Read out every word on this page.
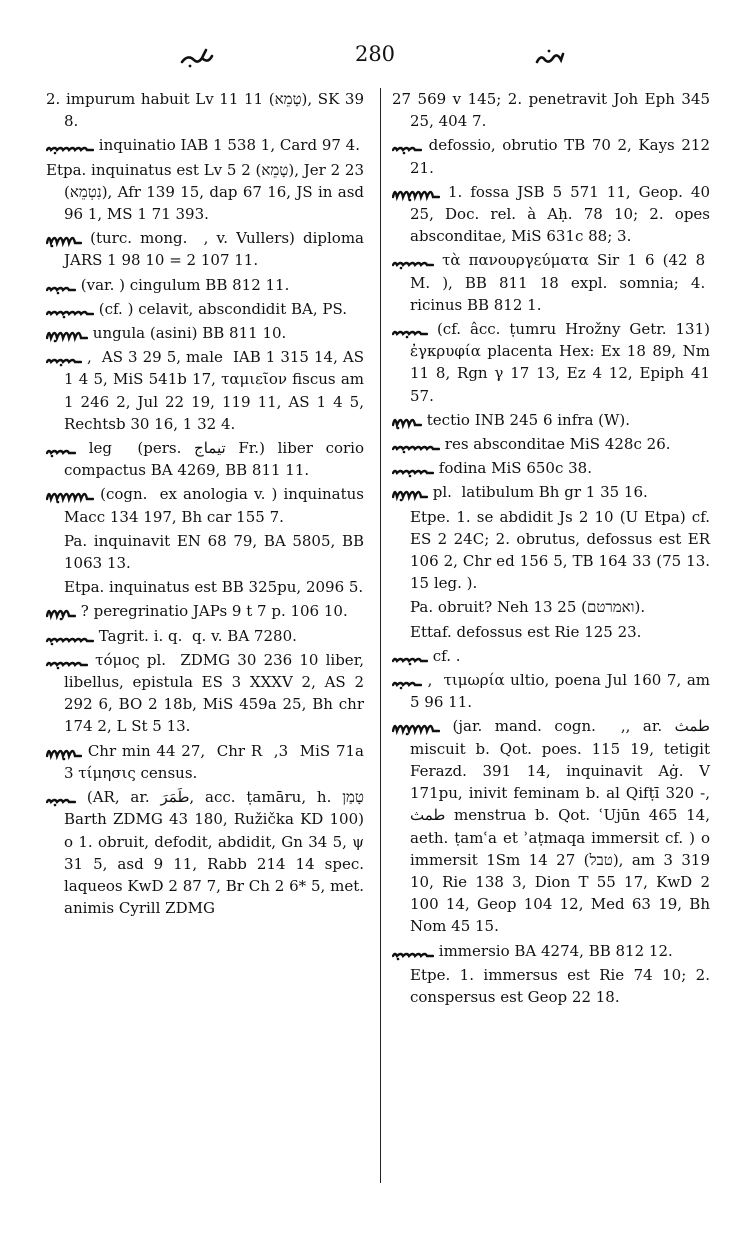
280

2. impurum habuit Lv 11 11 (טָמֵא), SK 39 8.

inquinatio IAB 1 538 1, Card 97 4.

Etpa. inquinatus est Lv 5 2 (טָמֵא), Jer 2 23 (נִטְמֵא), Afr 139 15, dap 67 16, JS in asd 96 1, MS 1 71 393.

(turc. mong. ‏, ‏ v. Vullers) diploma JARS 1 98 10 = 2 107 11.

(var. ‏) cingulum BB 812 11.

(cf. ‏) celavit, abscondidit BA, PS.

ungula (asini) BB 811 10.

, AS 3 29 5, male IAB 1 315 14, AS 1 4 5, MiS 541b 17, ταμιεῖον fiscus am 1 246 2, Jul 22 19, 119 11, AS 1 4 5, Rechtsb 30 16, 1 32 4.

leg (pers. تيماج Fr.) liber corio compactus BA 4269, BB 811 11.

(cogn. ex anologia v. ‏) inquinatus Macc 134 197, Bh car 155 7.

Pa. inquinavit EN 68 79, BA 5805, BB 1063 13.

Etpa. inquinatus est BB 325pu, 2096 5.

? peregrinatio JAPs 9 t 7 p. 106 10.

Tagrit. i. q. q. v. BA 7280.

τόμος pl. ZDMG 30 236 10 liber, libellus, epistula ES 3 XXXV 2, AS 2 292 6, BO 2 18b, MiS 459a 25, Bh chr 174 2, L St 5 13.

Chr min 44 27, Chr R ‏ 3, MiS 71a 3 τίμησις census.

(AR, ar. طَمَرَ, acc. ṭamāru, h. טָמַן Barth ZDMG 43 180, Ružička KD 100) o 1. obruit, defodit, abdidit, Gn 34 5, ψ 31 5, asd 9 11, Rabb 214 14 spec. laqueos KwD 2 87 7, Br Ch 2 6* 5, met. animis Cyrill ZDMG

27 569 v 145; 2. penetravit Joh Eph 345 25, 404 7.

defossio, obrutio TB 70 2, Kays 212 21.

1. fossa JSB 5 571 11, Geop. 40 25, Doc. rel. à Aḥ. 78 10; 2. opes absconditae, MiS 631c 88; 3.

τὰ πανουργεύματα Sir 1 6 (42 8 M. ‏), BB 811 18 expl. somnia; 4. ricinus BB 812 1.

(cf. âcc. ṭumru Hrožny Getr. 131) ἐγκρυφία placenta Hex: Ex 18 89, Nm 11 8, Rgn γ 17 13, Ez 4 12, Epiph 41 57.

tectio INB 245 6 infra (W).

res absconditae MiS 428c 26.

fodina MiS 650c 38.

pl. latibulum Bh gr 1 35 16.

Etpe. 1. se abdidit Js 2 10 (U Etpa) cf. ES 2 24C; 2. obrutus, defossus est ER 106 2, Chr ed 156 5, TB 164 33 (75 13. 15 leg. ‏).

Pa. obruit? Neh 13 25 (ואמרטם).

Ettaf. defossus est Rie 125 23.

cf. ‏.

, τιμωρία ultio, poena Jul 160 7, am 5 96 11.

(jar. mand. cogn. ‏, ‏, ar. طمث miscuit b. Qot. poes. 115 19, tetigit Ferazd. 391 14, inquinavit Aġ. V 171pu, inivit feminam b. al Qifṭī 320 -, طمث menstrua b. Qot. ʿUjūn 465 14, aeth. ṭamʿa et ʾaṭmaqa immersit cf. ‏) o immersit 1Sm 14 27 (טבל), am 3 319 10, Rie 138 3, Dion T 55 17, KwD 2 100 14, Geop 104 12, Med 63 19, Bh Nom 45 15.

immersio BA 4274, BB 812 12.

Etpe. 1. immersus est Rie 74 10; 2. conspersus est Geop 22 18.
